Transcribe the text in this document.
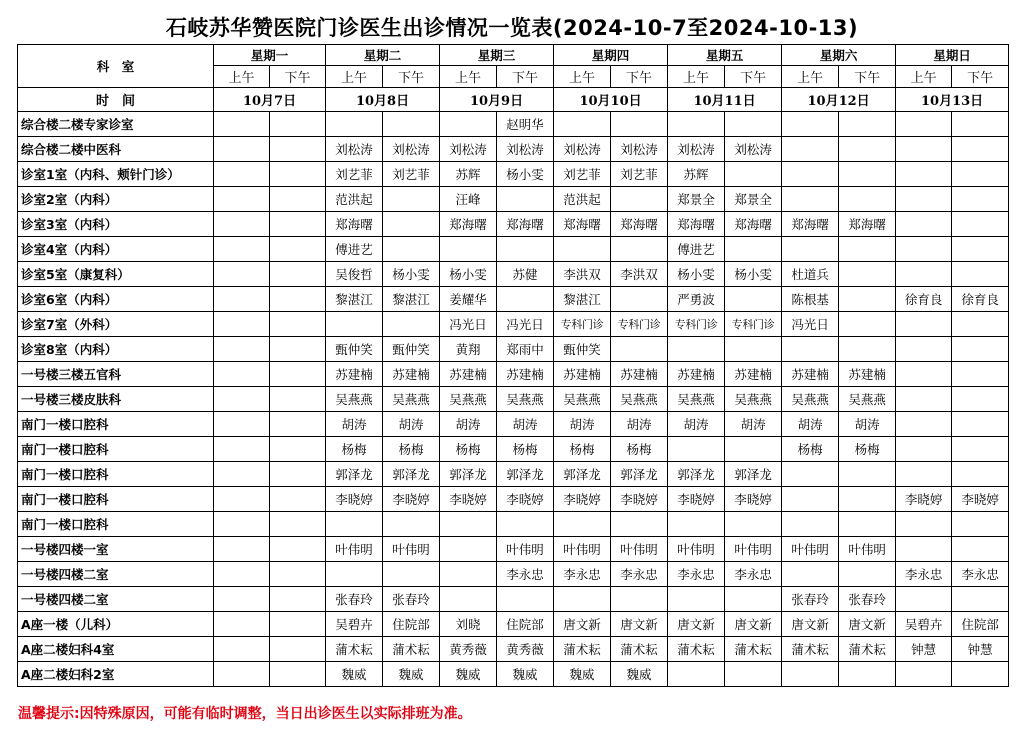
石岐苏华赞医院门诊医生出诊情况一览表(2024-10-7至2024-10-13)
科　室	星期一		星期二		星期三		星期四		星期五		星期六		星期日	
	上午	下午	上午	下午	上午	下午	上午	下午	上午	下午	上午	下午	上午	下午
时　间	10月7日		10月8日		10月9日		10月10日		10月11日		10月12日		10月13日	
综合楼二楼专家诊室						赵明华								
综合楼二楼中医科			刘松涛	刘松涛	刘松涛	刘松涛	刘松涛	刘松涛	刘松涛	刘松涛				
诊室1室（内科、颊针门诊）			刘艺菲	刘艺菲	苏辉	杨小雯	刘艺菲	刘艺菲	苏辉					
诊室2室（内科）			范洪起		汪峰		范洪起		郑景全	郑景全				
诊室3室（内科）			郑海曙		郑海曙	郑海曙	郑海曙	郑海曙	郑海曙	郑海曙	郑海曙	郑海曙		
诊室4室（内科）			傅进艺						傅进艺					
诊室5室（康复科）			吴俊哲	杨小雯	杨小雯	苏健	李洪双	李洪双	杨小雯	杨小雯	杜道兵			
诊室6室（内科）			黎湛江	黎湛江	姜耀华		黎湛江		严勇波		陈根基		徐育良	徐育良
诊室7室（外科）					冯光日	冯光日	专科门诊	专科门诊	专科门诊	专科门诊	冯光日			
诊室8室（内科）			甄仲笑	甄仲笑	黄翔	郑雨中	甄仲笑							
一号楼三楼五官科			苏建楠	苏建楠	苏建楠	苏建楠	苏建楠	苏建楠	苏建楠	苏建楠	苏建楠	苏建楠		
一号楼三楼皮肤科			吴燕燕	吴燕燕	吴燕燕	吴燕燕	吴燕燕	吴燕燕	吴燕燕	吴燕燕	吴燕燕	吴燕燕		
南门一楼口腔科			胡涛	胡涛	胡涛	胡涛	胡涛	胡涛	胡涛	胡涛	胡涛	胡涛		
南门一楼口腔科			杨梅	杨梅	杨梅	杨梅	杨梅	杨梅			杨梅	杨梅		
南门一楼口腔科			郭泽龙	郭泽龙	郭泽龙	郭泽龙	郭泽龙	郭泽龙	郭泽龙	郭泽龙				
南门一楼口腔科			李晓婷	李晓婷	李晓婷	李晓婷	李晓婷	李晓婷	李晓婷	李晓婷			李晓婷	李晓婷
南门一楼口腔科														
一号楼四楼一室			叶伟明	叶伟明		叶伟明	叶伟明	叶伟明	叶伟明	叶伟明	叶伟明	叶伟明		
一号楼四楼二室						李永忠	李永忠	李永忠	李永忠	李永忠			李永忠	李永忠
一号楼四楼二室			张春玲	张春玲							张春玲	张春玲		
A座一楼（儿科）			吴碧卉	住院部	刘晓	住院部	唐文新	唐文新	唐文新	唐文新	唐文新	唐文新	吴碧卉	住院部
A座二楼妇科4室			蒲术耘	蒲术耘	黄秀薇	黄秀薇	蒲术耘	蒲术耘	蒲术耘	蒲术耘	蒲术耘	蒲术耘	钟慧	钟慧
A座二楼妇科2室			魏威	魏威	魏威	魏威	魏威	魏威						
温馨提示:因特殊原因，可能有临时调整，当日出诊医生以实际排班为准。
